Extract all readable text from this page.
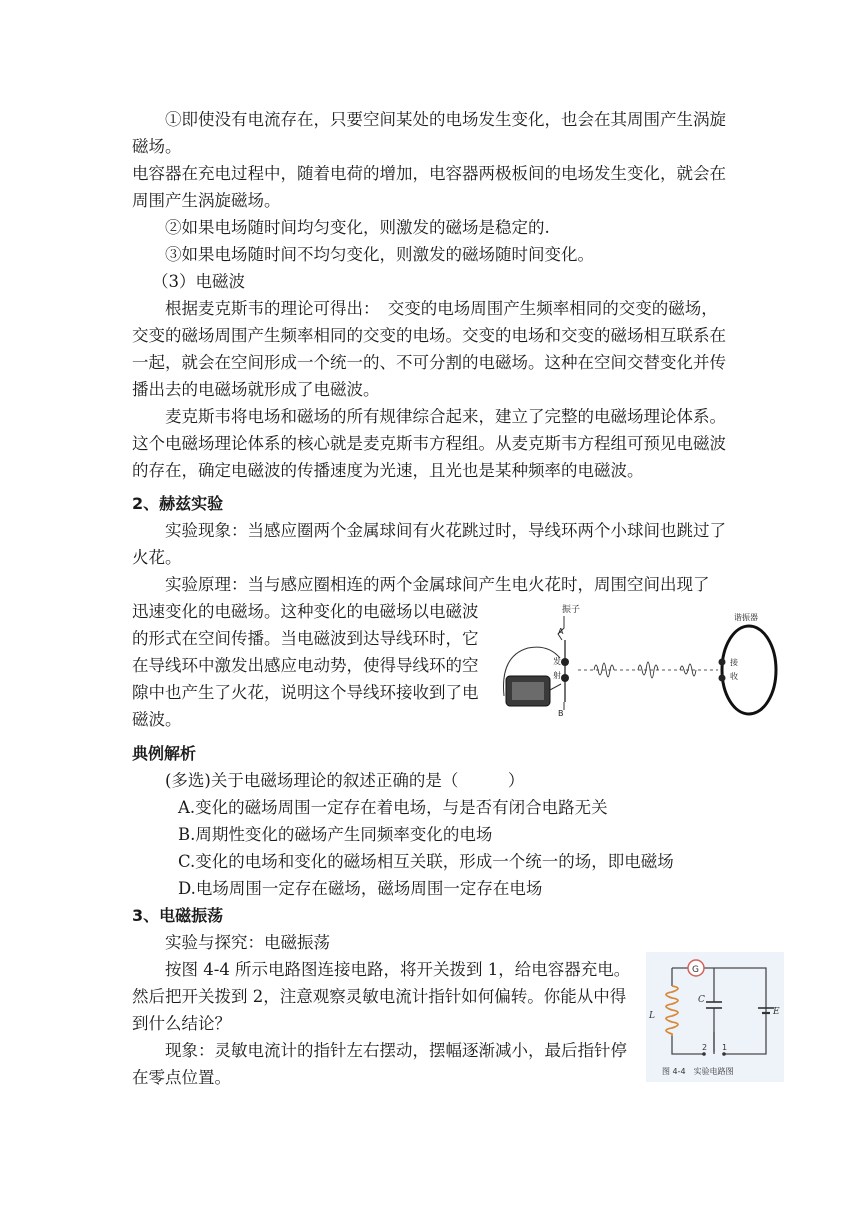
①即使没有电流存在，只要空间某处的电场发生变化，也会在其周围产生涡旋磁场。

电容器在充电过程中，随着电荷的增加，电容器两极板间的电场发生变化，就会在周围产生涡旋磁场。

②如果电场随时间均匀变化，则激发的磁场是稳定的.

③如果电场随时间不均匀变化，则激发的磁场随时间变化。

（3）电磁波

根据麦克斯韦的理论可得出：　交变的电场周围产生频率相同的交变的磁场，交变的磁场周围产生频率相同的交变的电场。交变的电场和交变的磁场相互联系在一起，就会在空间形成一个统一的、不可分割的电磁场。这种在空间交替变化并传播出去的电磁场就形成了电磁波。

麦克斯韦将电场和磁场的所有规律综合起来，建立了完整的电磁场理论体系。这个电磁场理论体系的核心就是麦克斯韦方程组。从麦克斯韦方程组可预见电磁波的存在，确定电磁波的传播速度为光速，且光也是某种频率的电磁波。

2、赫兹实验

实验现象：当感应圈两个金属球间有火花跳过时，导线环两个小球间也跳过了火花。

实验原理：当与感应圈相连的两个金属球间产生电火花时，周围空间出现了

迅速变化的电磁场。这种变化的电磁场以电磁波的形式在空间传播。当电磁波到达导线环时，它在导线环中激发出感应电动势，使得导线环的空隙中也产生了火花，说明这个导线环接收到了电磁波。

振子
谐振器
A
发
射
B
接
收

典例解析

(多选)关于电磁场理论的叙述正确的是（　　　）

A.变化的磁场周围一定存在着电场，与是否有闭合电路无关

B.周期性变化的磁场产生同频率变化的电场

C.变化的电场和变化的磁场相互关联，形成一个统一的场，即电磁场

D.电场周围一定存在磁场，磁场周围一定存在电场

3、电磁振荡

实验与探究：电磁振荡

按图 4-4 所示电路图连接电路，将开关拨到 1，给电容器充电。然后把开关拨到 2，注意观察灵敏电流计指针如何偏转。你能从中得到什么结论？

现象：灵敏电流计的指针左右摆动，摆幅逐渐减小，最后指针停在零点位置。

G
L
C
E
2 1
图 4-4　实验电路图
